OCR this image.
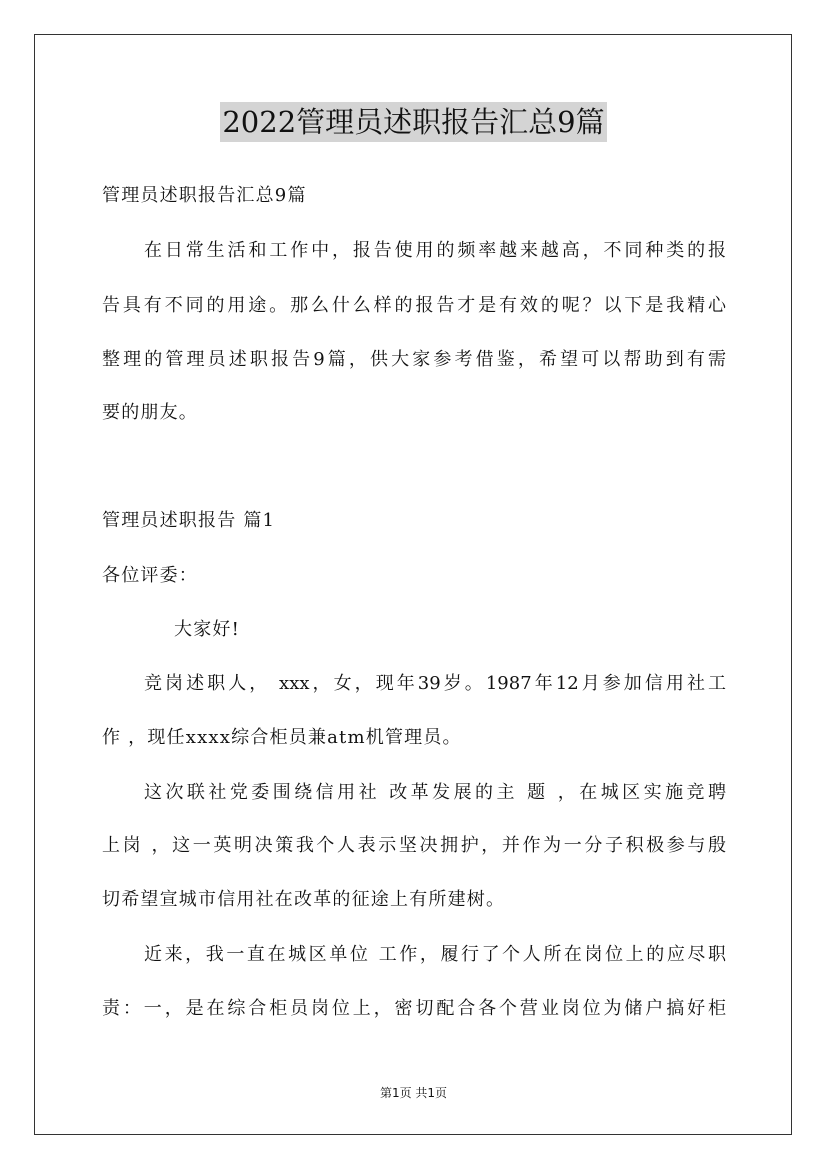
2022管理员述职报告汇总9篇
管理员述职报告汇总9篇
在日常生活和工作中，报告使用的频率越来越高，不同种类的报
告具有不同的用途。那么什么样的报告才是有效的呢？以下是我精心
整理的管理员述职报告9篇，供大家参考借鉴，希望可以帮助到有需
要的朋友。
管理员述职报告 篇1
各位评委：
大家好!
竞岗述职人， xxx，女，现年39岁。1987年12月参加信用社工
作 ，现任xxxx综合柜员兼atm机管理员。
这次联社党委围绕信用社 改革发展的主 题 ，在城区实施竞聘
上岗 ，这一英明决策我个人表示坚决拥护，并作为一分子积极参与殷
切希望宣城市信用社在改革的征途上有所建树。
近来，我一直在城区单位 工作，履行了个人所在岗位上的应尽职
责：一，是在综合柜员岗位上，密切配合各个营业岗位为储户搞好柜
第1页 共1页
